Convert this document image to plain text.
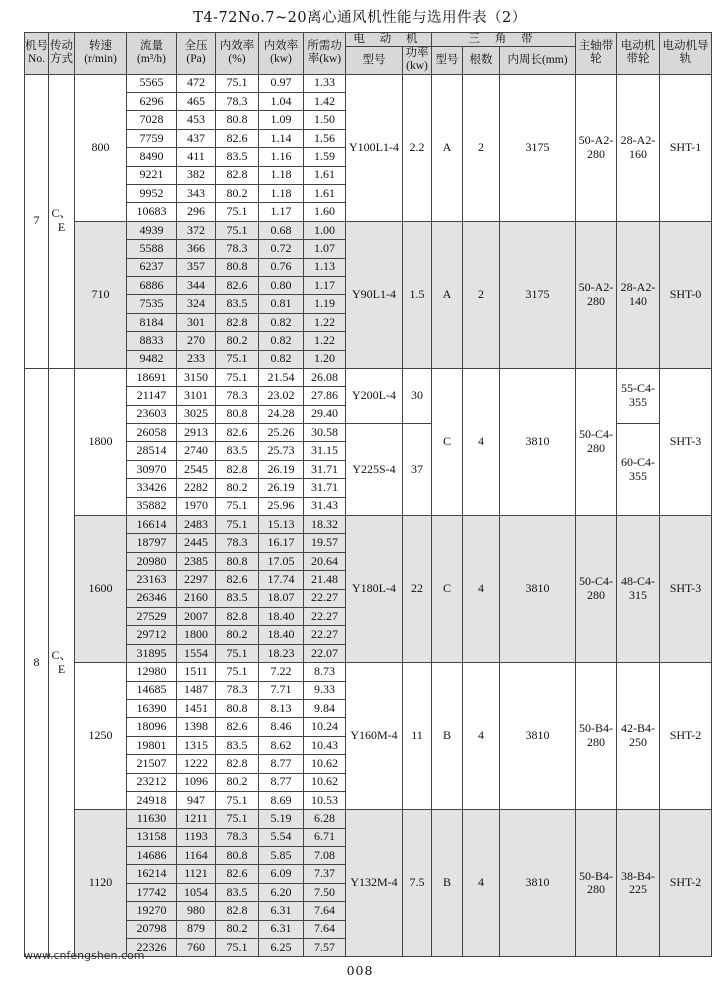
T4-72No.7~20离心通风机性能与选用件表（2）
机号No.	传动方式	转速(r/min)	流量(m³/h)	全压(Pa)	内效率(%)	内效率(kw)	所需功率(kw)	电 动 机		三 角 带			主轴带轮	电动机带轮	电动机导轨
								型号	功率(kw)	型号	根数	内周长(mm)			
7	C、E	800	5565	472	75.1	0.97	1.33	Y100L1-4	2.2	A	2	3175	50-A2-280	28-A2-160	SHT-1
			6296	465	78.3	1.04	1.42								
			7028	453	80.8	1.09	1.50								
			7759	437	82.6	1.14	1.56								
			8490	411	83.5	1.16	1.59								
			9221	382	82.8	1.18	1.61								
			9952	343	80.2	1.18	1.61								
			10683	296	75.1	1.17	1.60								
		710	4939	372	75.1	0.68	1.00	Y90L1-4	1.5	A	2	3175	50-A2-280	28-A2-140	SHT-0
			5588	366	78.3	0.72	1.07								
			6237	357	80.8	0.76	1.13								
			6886	344	82.6	0.80	1.17								
			7535	324	83.5	0.81	1.19								
			8184	301	82.8	0.82	1.22								
			8833	270	80.2	0.82	1.22								
			9482	233	75.1	0.82	1.20								
8	C、E	1800	18691	3150	75.1	21.54	26.08	Y200L-4	30	C	4	3810	50-C4-280	55-C4-355	SHT-3
			21147	3101	78.3	23.02	27.86								
			23603	3025	80.8	24.28	29.40								
			26058	2913	82.6	25.26	30.58	Y225S-4	37					60-C4-355	
			28514	2740	83.5	25.73	31.15								
			30970	2545	82.8	26.19	31.71								
			33426	2282	80.2	26.19	31.71								
			35882	1970	75.1	25.96	31.43								
		1600	16614	2483	75.1	15.13	18.32	Y180L-4	22	C	4	3810	50-C4-280	48-C4-315	SHT-3
			18797	2445	78.3	16.17	19.57								
			20980	2385	80.8	17.05	20.64								
			23163	2297	82.6	17.74	21.48								
			26346	2160	83.5	18.07	22.27								
			27529	2007	82.8	18.40	22.27								
			29712	1800	80.2	18.40	22.27								
			31895	1554	75.1	18.23	22.07								
		1250	12980	1511	75.1	7.22	8.73	Y160M-4	11	B	4	3810	50-B4-280	42-B4-250	SHT-2
			14685	1487	78.3	7.71	9.33								
			16390	1451	80.8	8.13	9.84								
			18096	1398	82.6	8.46	10.24								
			19801	1315	83.5	8.62	10.43								
			21507	1222	82.8	8.77	10.62								
			23212	1096	80.2	8.77	10.62								
			24918	947	75.1	8.69	10.53								
		1120	11630	1211	75.1	5.19	6.28	Y132M-4	7.5	B	4	3810	50-B4-280	38-B4-225	SHT-2
			13158	1193	78.3	5.54	6.71								
			14686	1164	80.8	5.85	7.08								
			16214	1121	82.6	6.09	7.37								
			17742	1054	83.5	6.20	7.50								
			19270	980	82.8	6.31	7.64								
			20798	879	80.2	6.31	7.64								
			22326	760	75.1	6.25	7.57								
www.cnfengshen.com
008
